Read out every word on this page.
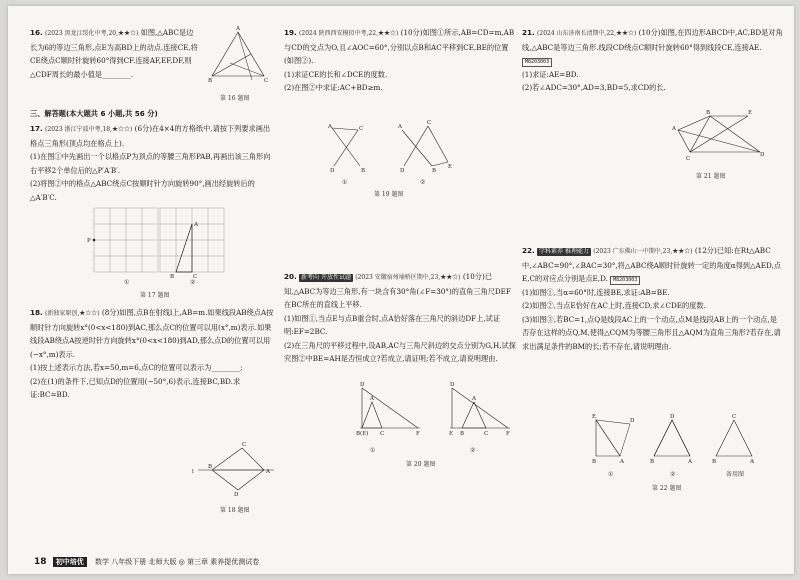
16. (2023 黑龙江绥化中考,20,★★☆) 如图,△ABC是边长为6的等边三角形,点E为高BD上的动点.连接CE,将CE绕点C顺时针旋转60°得到CF.连接AF,EF,DF,则△CDF周长的最小值是________.
A
B	C
第 16 题图
三、解答题(本大题共 6 小题,共 56 分)
17. (2023 浙江宁波中考,18,★☆☆) (6分)在4×4的方格纸中,请按下列要求画出格点三角形(顶点均在格点上).
(1)在图①中先画出一个以格点P为顶点的等腰三角形PAB,再画出该三角形向右平移2个单位后的△P′A′B′.
(2)将图②中的格点△ABC绕点C按顺时针方向旋转90°,画出经旋转后的△A′B′C.
P
A
B	C
①	②
第 17 题图
18. (新独家原创,★☆☆) (8分)如图,点B在射线l上,AB=m.如果线段AB绕点A按顺时针方向旋转x°(0<x<180)到AC,那么点C的位置可以用(x°,m)表示.如果线段AB绕点A按逆时针方向旋转x°(0<x<180)到AD,那么点D的位置可以用(−x°,m)表示.
(1)按上述表示方法,若x=50,m=6,点C的位置可以表示为________;
(2)在(1)的条件下,已知点D的位置用(−50°,6)表示,连接BC,BD.求证:BC=BD.
l
B
A
C
D
第 18 题图
19. (2024 陕西西安模拟中考,22,★★☆) (10分)如图①所示,AB=CD=m,AB与CD的交点为O,且∠AOC=60°,分别以点B和AC平移到CE,BE的位置(如图②).
(1)求证CE的长和∠DCE的度数.
(2)在图②中求证:AC+BD≥m.
A	C
D	B
A
C
D	B
E
①	②
第 19 题图
20. 新考向 开放性试题 (2023 安徽宿州埇桥区期中,23,★★☆) (10分)已知,△ABC为等边三角形,有一块含有30°角(∠F=30°)的直角三角尺DEF在BC所在的直线上平移.
(1)如图①,当点E与点B重合时,点A恰好落在三角尺的斜边DF上,试证明:EF=2BC.
(2)在三角尺的平移过程中,设AB,AC与三角尺斜边的交点分别为G,H,试探究图②中BE=AH是否恒成立?若成立,请证明;若不成立,请说明理由.
A
D
B(E) C	F
A
D
E B	C	F
①	②
第 20 题图
21. (2024 山东济南长清期中,22,★★☆) (10分)如图,在四边形ABCD中,AC,BD是对角线,△ABC是等边三角形.线段CD绕点C顺时针旋转60°得到线段CE,连接AE. M8203003
(1)求证:AE=BD.
(2)若∠ADC=30°,AD=3,BD=5,求CD的长.
A
C
B	E
D
第 21 题图
22. 学科素养 推理能力 (2023 广东佛山一中期中,23,★★☆) (12分)已知:在Rt△ABC中,∠ABC=90°,∠BAC=30°,将△ABC绕A顺时针旋转一定的角度α得到△AED,点E,C的对应点分别是点E,D. M8203003
(1)如图①,当α=60°时,连接BE,求证:AB=BE.
(2)如图②,当点E恰好在AC上时,连接CD,求∠CDE的度数.
(3)如图③,若BC=1,点Q是线段AC上的一个动点,点M是线段AB上的一个动点,是否存在这样的点Q,M,使得△CQM为等腰三角形且△AQM为直角三角形?若存在,请求出满足条件的BM的长;若不存在,请说明理由.
E
D
B	A
D
B	A
C
B	A
①	②	备用图
第 22 题图
18 初中培优 数学 八年级下册 北师大版 ◎ 第三章 素养提优测试卷
